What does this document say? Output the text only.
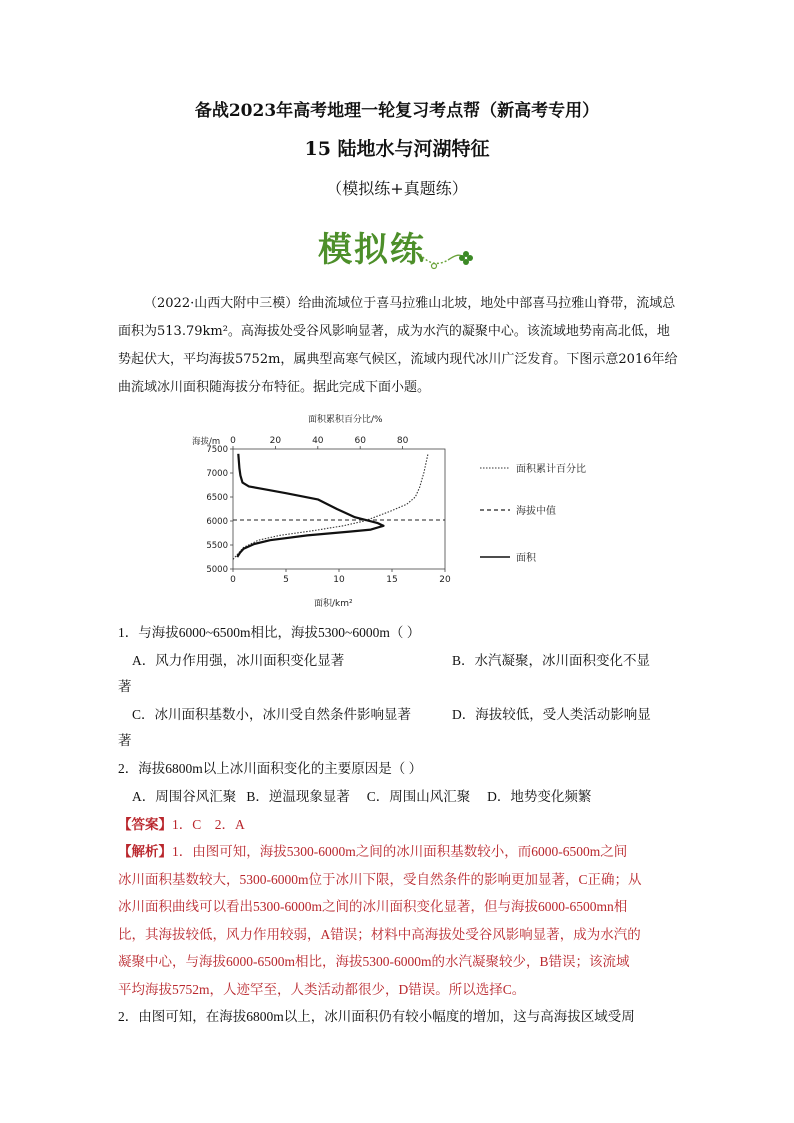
备战2023年高考地理一轮复习考点帮（新高考专用）
15 陆地水与河湖特征
（模拟练+真题练）
模拟练
（2022·山西大附中三模）给曲流域位于喜马拉雅山北坡，地处中部喜马拉雅山脊带，流域总面积为513.79km²。高海拔处受谷风影响显著，成为水汽的凝聚中心。该流域地势南高北低，地势起伏大，平均海拔5752m，属典型高寒气候区，流域内现代冰川广泛发育。下图示意2016年给曲流域冰川面积随海拔分布特征。据此完成下面小题。
面积累积百分比/%
海拔/m
面积/km²
0	20	40	60	80
0	5	10	15	20
7500
7000
6500
6000
5500
5000
面积累计百分比
海拔中值
面积
1．与海拔6000~6500m相比，海拔5300~6000m（ ）
A．风力作用强，冰川面积变化显著	B．水汽凝聚，冰川面积变化不显
著
C．冰川面积基数小，冰川受自然条件影响显著	D．海拔较低，受人类活动影响显
著
2．海拔6800m以上冰川面积变化的主要原因是（ ）
A．周围谷风汇聚   B．逆温现象显著     C．周围山风汇聚     D．地势变化频繁
【答案】1．C    2．A
【解析】1．由图可知，海拔5300-6000m之间的冰川面积基数较小，而6000-6500m之间
冰川面积基数较大，5300-6000m位于冰川下限，受自然条件的影响更加显著，C正确；从
冰川面积曲线可以看出5300-6000m之间的冰川面积变化显著，但与海拔6000-6500mn相
比，其海拔较低，风力作用较弱，A错误；材料中高海拔处受谷风影响显著，成为水汽的
凝聚中心，与海拔6000-6500m相比，海拔5300-6000m的水汽凝聚较少，B错误；该流域
平均海拔5752m，人迹罕至，人类活动都很少，D错误。所以选择C。
2．由图可知，在海拔6800m以上，冰川面积仍有较小幅度的增加，这与高海拔区域受周
